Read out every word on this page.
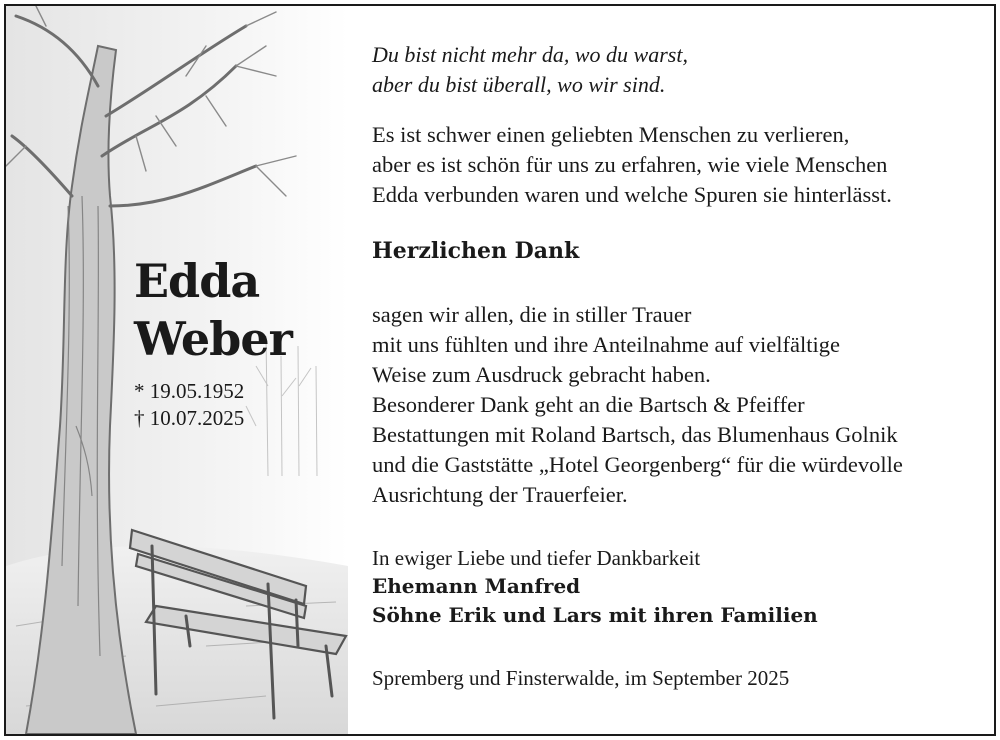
Edda
Weber
* 19.05.1952
† 10.07.2025
Du bist nicht mehr da, wo du warst,
aber du bist überall, wo wir sind.
Es ist schwer einen geliebten Menschen zu verlieren,
aber es ist schön für uns zu erfahren, wie viele Menschen
Edda verbunden waren und welche Spuren sie hinterlässt.
Herzlichen Dank
sagen wir allen, die in stiller Trauer
mit uns fühlten und ihre Anteilnahme auf vielfältige
Weise zum Ausdruck gebracht haben.
Besonderer Dank geht an die Bartsch & Pfeiffer
Bestattungen mit Roland Bartsch, das Blumenhaus Golnik
und die Gaststätte „Hotel Georgenberg“ für die würdevolle
Ausrichtung der Trauerfeier.
In ewiger Liebe und tiefer Dankbarkeit
Ehemann Manfred
Söhne Erik und Lars mit ihren Familien
Spremberg und Finsterwalde, im September 2025
